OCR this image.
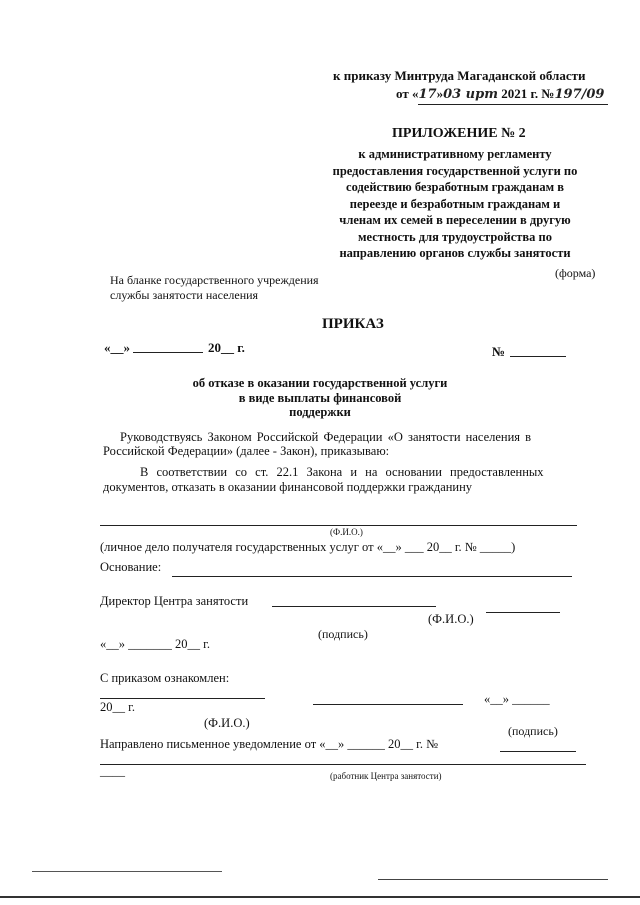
к приказу Минтруда Магаданской области
от «17»03 ирт 2021 г. №197/09
ПРИЛОЖЕНИЕ № 2
к административному регламенту
предоставления государственной услуги по
содействию безработным гражданам в
переезде и безработным гражданам и
членам их семей в переселении в другую
местность для трудоустройства по
направлению органов службы занятости
(форма)
На бланке государственного учреждения
службы занятости населения
ПРИКАЗ
«__»	20__ г.	№
об отказе в оказании государственной услуги
в виде выплаты финансовой
поддержки
Руководствуясь Законом Российской Федерации «О занятости населения в
Российской Федерации» (далее - Закон), приказываю:
В соответствии со ст. 22.1 Закона и на основании предоставленных
документов, отказать в оказании финансовой поддержки гражданину
(Ф.И.О.)
(личное дело получателя государственных услуг от «__» ___ 20__ г. № _____)
Основание:
Директор Центра занятости
(Ф.И.О.)
(подпись)
«__» _______ 20__ г.
С приказом ознакомлен:
«__» ______
20__ г.
(Ф.И.О.)
(подпись)
Направлено письменное уведомление от «__» ______ 20__ г. №
____	(работник Центра занятости)
